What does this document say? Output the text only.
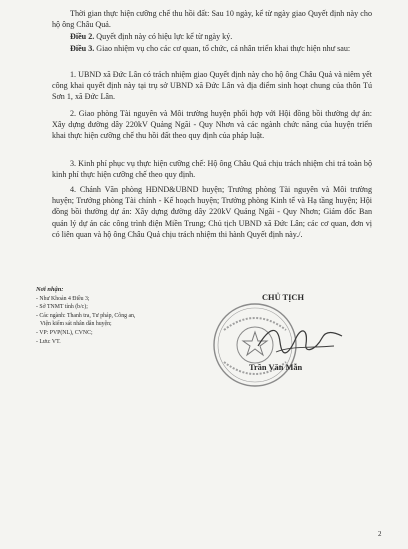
Thời gian thực hiện cưỡng chế thu hồi đất: Sau 10 ngày, kể từ ngày giao Quyết định này cho hộ ông Châu Quả.

Điều 2. Quyết định này có hiệu lực kể từ ngày ký.

Điều 3. Giao nhiệm vụ cho các cơ quan, tổ chức, cá nhân triển khai thực hiện như sau:

1. UBND xã Đức Lân có trách nhiệm giao Quyết định này cho hộ ông Châu Quả và niêm yết công khai quyết định này tại trụ sở UBND xã Đức Lân và địa điểm sinh hoạt chung của thôn Tú Sơn 1, xã Đức Lân.

2. Giao phòng Tài nguyên và Môi trường huyện phối hợp với Hội đồng bồi thường dự án: Xây dựng đường dây 220kV Quảng Ngãi - Quy Nhơn và các ngành chức năng của huyện triển khai thực hiện cưỡng chế thu hồi đất theo quy định của pháp luật.

3. Kinh phí phục vụ thực hiện cưỡng chế: Hộ ông Châu Quả chịu trách nhiệm chi trả toàn bộ kinh phí thực hiện cưỡng chế theo quy định.

4. Chánh Văn phòng HĐND&UBND huyện; Trưởng phòng Tài nguyên và Môi trường huyện; Trưởng phòng Tài chính - Kế hoạch huyện; Trưởng phòng Kinh tế và Hạ tầng huyện; Hội đồng bồi thường dự án: Xây dựng đường dây 220kV Quảng Ngãi - Quy Nhơn; Giám đốc Ban quản lý dự án các công trình điện Miền Trung; Chủ tịch UBND xã Đức Lân; các cơ quan, đơn vị có liên quan và hộ ông Châu Quả chịu trách nhiệm thi hành Quyết định này./.

Nơi nhận:
- Như Khoản 4 Điều 3;
- Sở TNMT tỉnh (b/c);
- Các ngành: Thanh tra, Tư pháp, Công an,
Viện kiểm sát nhân dân huyện;
- VP: PVP(NL), CVNC;
- Lưu: VT.
CHỦ TỊCH
Trần Văn Mẫn
2
